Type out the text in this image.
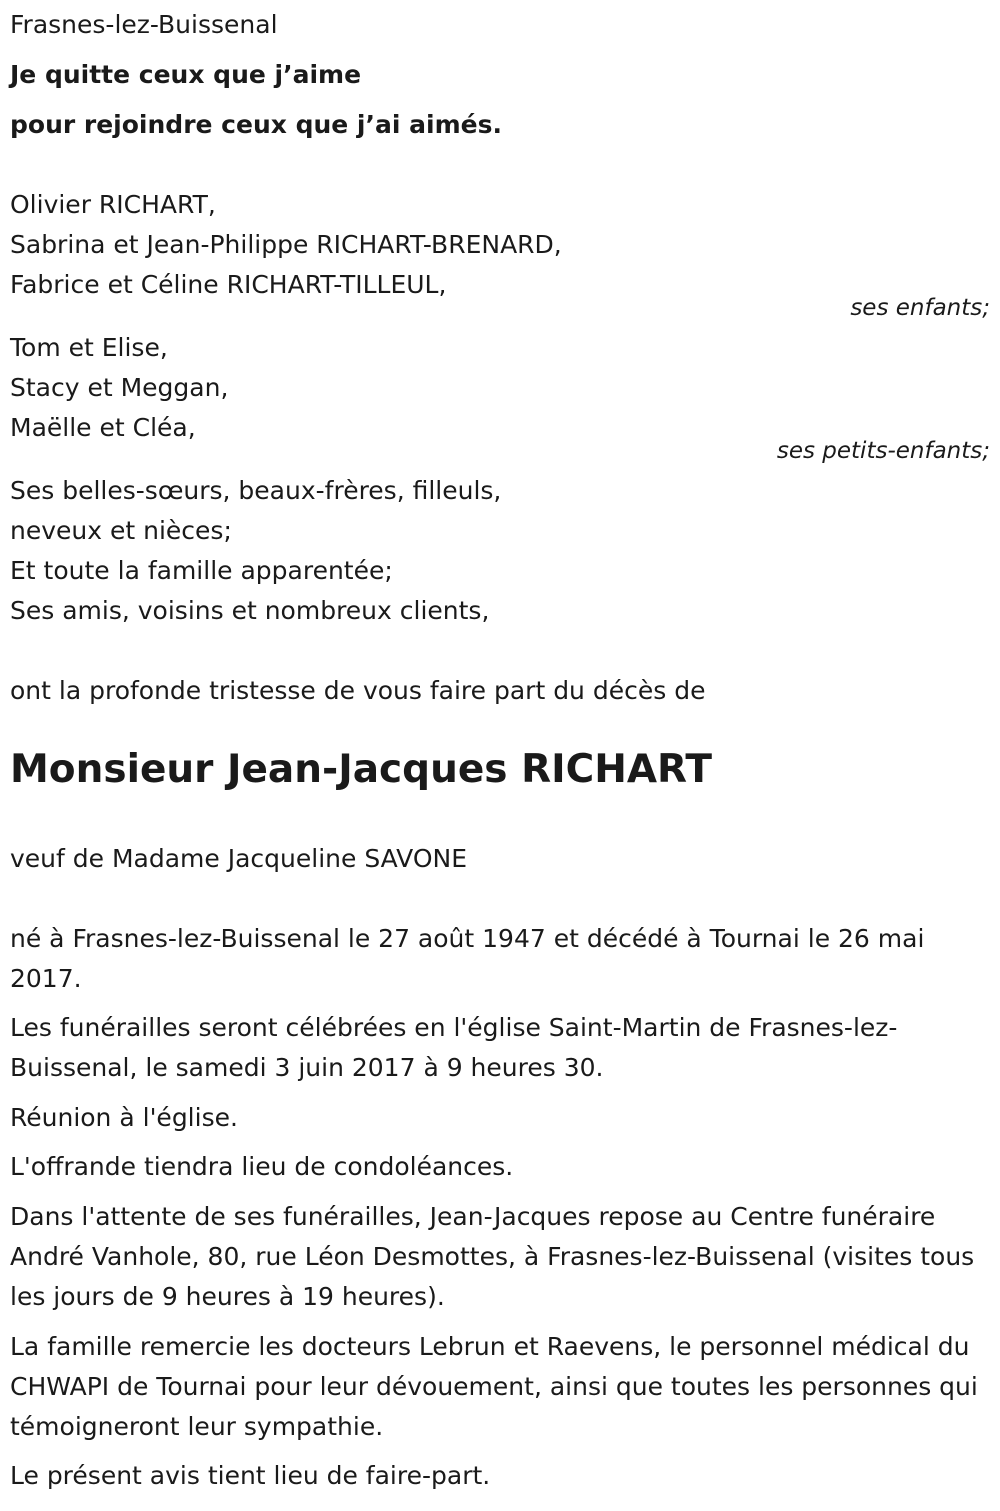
Frasnes-lez-Buissenal
Je quitte ceux que j’aime
pour rejoindre ceux que j’ai aimés.
Olivier RICHART,
Sabrina et Jean-Philippe RICHART-BRENARD,
Fabrice et Céline RICHART-TILLEUL,
ses enfants;
Tom et Elise,
Stacy et Meggan,
Maëlle et Cléa,
ses petits-enfants;
Ses belles-sœurs, beaux-frères, filleuls,
neveux et nièces;
Et toute la famille apparentée;
Ses amis, voisins et nombreux clients,
ont la profonde tristesse de vous faire part du décès de
Monsieur Jean-Jacques RICHART
veuf de Madame Jacqueline SAVONE
né à Frasnes-lez-Buissenal le 27 août 1947 et décédé à Tournai le 26 mai 2017.
Les funérailles seront célébrées en l'église Saint-Martin de Frasnes-lez-Buissenal, le samedi 3 juin 2017 à 9 heures 30.
Réunion à l'église.
L'offrande tiendra lieu de condoléances.
Dans l'attente de ses funérailles, Jean-Jacques repose au Centre funéraire André Vanhole, 80, rue Léon Desmottes, à Frasnes-lez-Buissenal (visites tous les jours de 9 heures à 19 heures).
La famille remercie les docteurs Lebrun et Raevens, le personnel médical du CHWAPI de Tournai pour leur dévouement, ainsi que toutes les personnes qui témoigneront leur sympathie.
Le présent avis tient lieu de faire-part.
